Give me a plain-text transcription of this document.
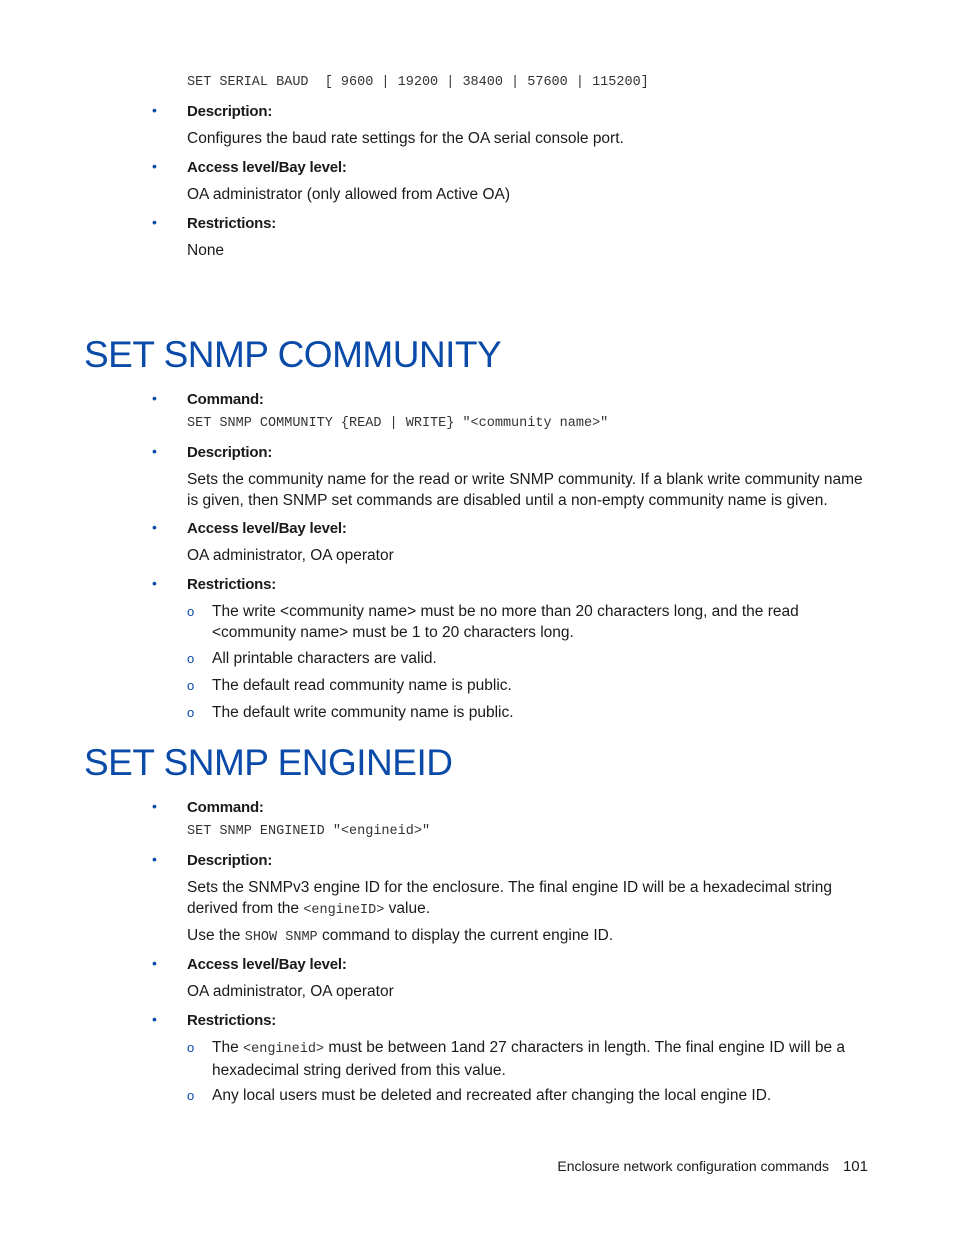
SET SERIAL BAUD  [ 9600 | 19200 | 38400 | 57600 | 115200]
• Description:
Configures the baud rate settings for the OA serial console port.
• Access level/Bay level:
OA administrator (only allowed from Active OA)
• Restrictions:
None
SET SNMP COMMUNITY
• Command:
SET SNMP COMMUNITY {READ | WRITE} "<community name>"
• Description:
Sets the community name for the read or write SNMP community. If a blank write community name is given, then SNMP set commands are disabled until a non-empty community name is given.
• Access level/Bay level:
OA administrator, OA operator
• Restrictions:
o The write <community name> must be no more than 20 characters long, and the read <community name> must be 1 to 20 characters long.
o All printable characters are valid.
o The default read community name is public.
o The default write community name is public.
SET SNMP ENGINEID
• Command:
SET SNMP ENGINEID "<engineid>"
• Description:
Sets the SNMPv3 engine ID for the enclosure. The final engine ID will be a hexadecimal string derived from the <engineID> value.
Use the SHOW SNMP command to display the current engine ID.
• Access level/Bay level:
OA administrator, OA operator
• Restrictions:
o The <engineid> must be between 1and 27 characters in length. The final engine ID will be a hexadecimal string derived from this value.
o Any local users must be deleted and recreated after changing the local engine ID.
Enclosure network configuration commands 101
